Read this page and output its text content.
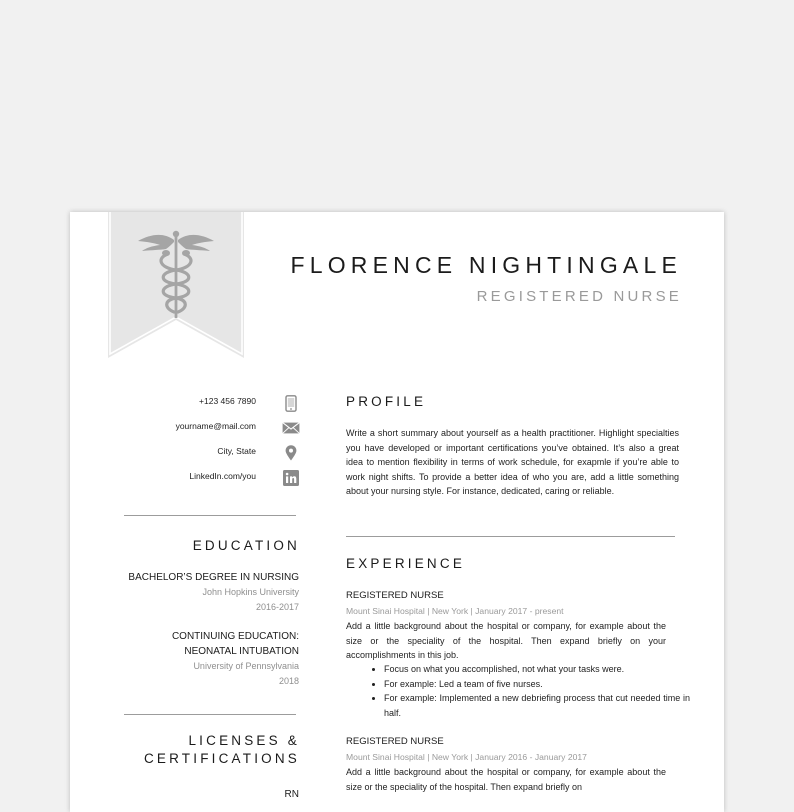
FLORENCE NIGHTINGALE
REGISTERED NURSE
+123 456 7890
yourname@mail.com
City, State
LinkedIn.com/you
EDUCATION
BACHELOR’S DEGREE IN NURSING
John Hopkins University
2016-2017
CONTINUING EDUCATION:
NEONATAL INTUBATION
University of Pennsylvania
2018
LICENSES &
CERTIFICATIONS
RN
PROFILE
Write a short summary about yourself as a health practitioner. Highlight specialties you have developed or important certifications you’ve obtained. It’s also a great idea to mention flexibility in terms of work schedule, for exapmle if you’re able to work night shifts. To provide a better idea of who you are, add a little something about your nursing style. For instance, dedicated, caring or reliable.
EXPERIENCE
REGISTERED NURSE
Mount Sinai Hospital | New York | January 2017 - present
Add a little background about the hospital or company, for example about the size or the speciality of the hospital. Then expand briefly on your accomplishments in this job.
• Focus on what you accomplished, not what your tasks were.
• For example: Led a team of five nurses.
• For example: Implemented a new debriefing process that cut needed time in half.
REGISTERED NURSE
Mount Sinai Hospital | New York | January 2016 - January 2017
Add a little background about the hospital or company, for example about the size or the speciality of the hospital. Then expand briefly on
